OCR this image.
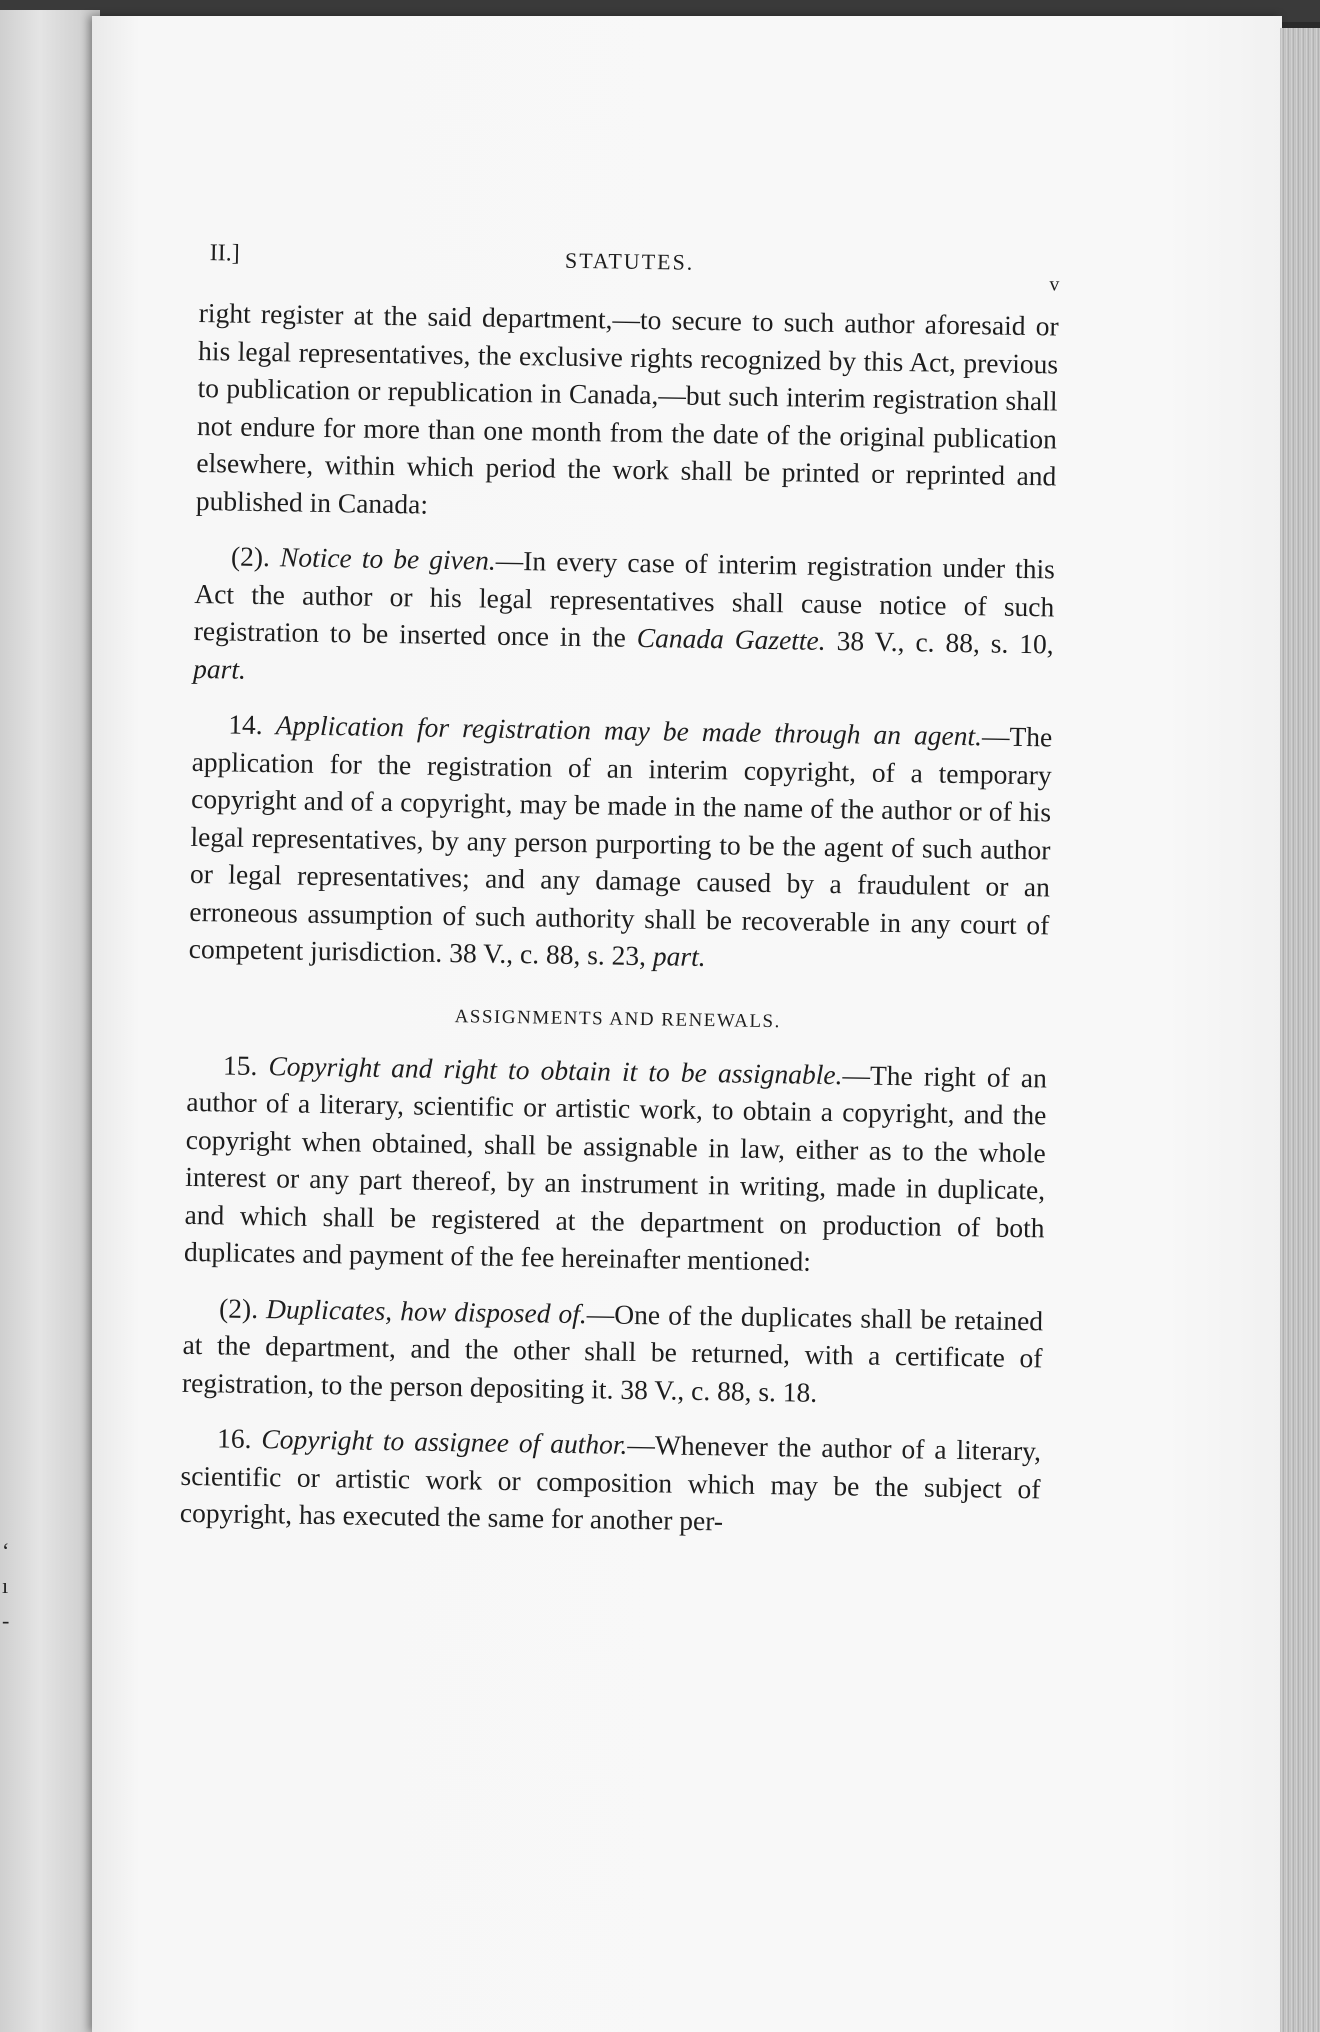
‘
ı
-
II.]	STATUTES.
v

right register at the said department,—to secure to such author aforesaid or his legal representatives, the exclusive rights recognized by this Act, previous to publication or republication in Canada,—but such interim registration shall not endure for more than one month from the date of the original publication elsewhere, within which period the work shall be printed or reprinted and published in Canada:

(2). Notice to be given.—In every case of interim registration under this Act the author or his legal representatives shall cause notice of such registration to be inserted once in the Canada Gazette. 38 V., c. 88, s. 10, part.

14. Application for registration may be made through an agent.—The application for the registration of an interim copyright, of a temporary copyright and of a copyright, may be made in the name of the author or of his legal representatives, by any person purporting to be the agent of such author or legal representatives; and any damage caused by a fraudulent or an erroneous assumption of such authority shall be recoverable in any court of competent jurisdiction. 38 V., c. 88, s. 23, part.

ASSIGNMENTS AND RENEWALS.

15. Copyright and right to obtain it to be assignable.—The right of an author of a literary, scientific or artistic work, to obtain a copyright, and the copyright when obtained, shall be assignable in law, either as to the whole interest or any part thereof, by an instrument in writing, made in duplicate, and which shall be registered at the department on production of both duplicates and payment of the fee hereinafter mentioned:

(2). Duplicates, how disposed of.—One of the duplicates shall be retained at the department, and the other shall be returned, with a certificate of registration, to the person depositing it. 38 V., c. 88, s. 18.

16. Copyright to assignee of author.—Whenever the author of a literary, scientific or artistic work or composition which may be the subject of copyright, has executed the same for another per-
